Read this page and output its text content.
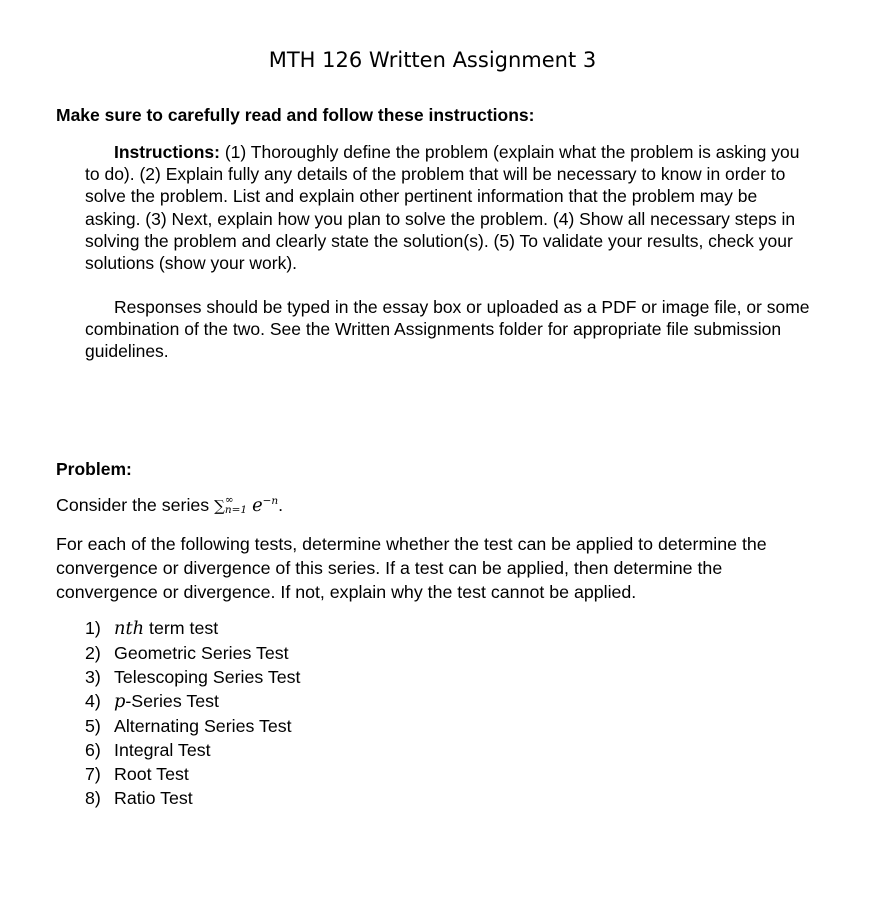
MTH 126 Written Assignment 3
Make sure to carefully read and follow these instructions:
Instructions: (1) Thoroughly define the problem (explain what the problem is asking you to do). (2) Explain fully any details of the problem that will be necessary to know in order to solve the problem. List and explain other pertinent information that the problem may be asking. (3) Next, explain how you plan to solve the problem. (4) Show all necessary steps in solving the problem and clearly state the solution(s). (5) To validate your results, check your solutions (show your work).
Responses should be typed in the essay box or uploaded as a PDF or image file, or some combination of the two. See the Written Assignments folder for appropriate file submission guidelines.
Problem:
Consider the series ∑ ∞
n=1 $e^{-n}$.
For each of the following tests, determine whether the test can be applied to determine the convergence or divergence of this series. If a test can be applied, then determine the convergence or divergence. If not, explain why the test cannot be applied.
1) nth term test
2) Geometric Series Test
3) Telescoping Series Test
4) p-Series Test
5) Alternating Series Test
6) Integral Test
7) Root Test
8) Ratio Test
